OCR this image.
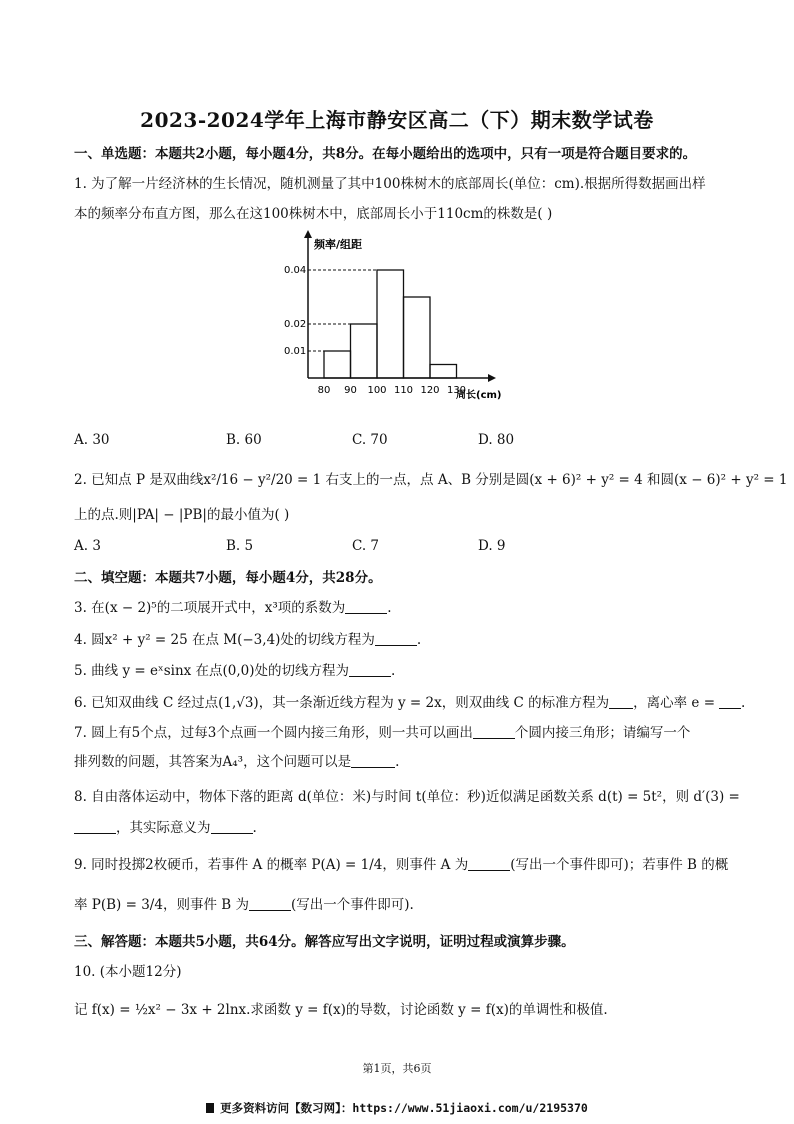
2023-2024学年上海市静安区高二（下）期末数学试卷
一、单选题：本题共2小题，每小题4分，共8分。在每小题给出的选项中，只有一项是符合题目要求的。
1. 为了解一片经济林的生长情况，随机测量了其中100株树木的底部周长(单位：cm).根据所得数据画出样
本的频率分布直方图，那么在这100株树木中，底部周长小于110cm的株数是( )
频率/组距
周长(cm)
0.01
0.02
0.04
80 90 100 110 120 130
A. 30	B. 60	C. 70	D. 80
2. 已知点 P 是双曲线x²/16 − y²/20 = 1 右支上的一点，点 A、B 分别是圆(x + 6)² + y² = 4 和圆(x − 6)² + y² = 1
上的点.则|PA| − |PB|的最小值为( )
A. 3	B. 5	C. 7	D. 9
二、填空题：本题共7小题，每小题4分，共28分。
3. 在(x − 2)⁵的二项展开式中，x³项的系数为	.
4. 圆x² + y² = 25 在点 M(−3,4)处的切线方程为	.
5. 曲线 y = eˣsinx 在点(0,0)处的切线方程为	.
6. 已知双曲线 C 经过点(1,√3)，其一条渐近线方程为 y = 2x，则双曲线 C 的标准方程为 ，离心率 e = .
7. 圆上有5个点，过每3个点画一个圆内接三角形，则一共可以画出	个圆内接三角形；请编写一个
排列数的问题，其答案为A₄³，这个问题可以是	.
8. 自由落体运动中，物体下落的距离 d(单位：米)与时间 t(单位：秒)近似满足函数关系 d(t) = 5t²，则 d′(3) =
，其实际意义为	.
9. 同时投掷2枚硬币，若事件 A 的概率 P(A) = 1/4，则事件 A 为	(写出一个事件即可)；若事件 B 的概
率 P(B) = 3/4，则事件 B 为	(写出一个事件即可).
三、解答题：本题共5小题，共64分。解答应写出文字说明，证明过程或演算步骤。
10. (本小题12分)
记 f(x) = ½x² − 3x + 2lnx.求函数 y = f(x)的导数，讨论函数 y = f(x)的单调性和极值.
第1页，共6页
更多资料访问【数习网】：https://www.51jiaoxi.com/u/2195370
